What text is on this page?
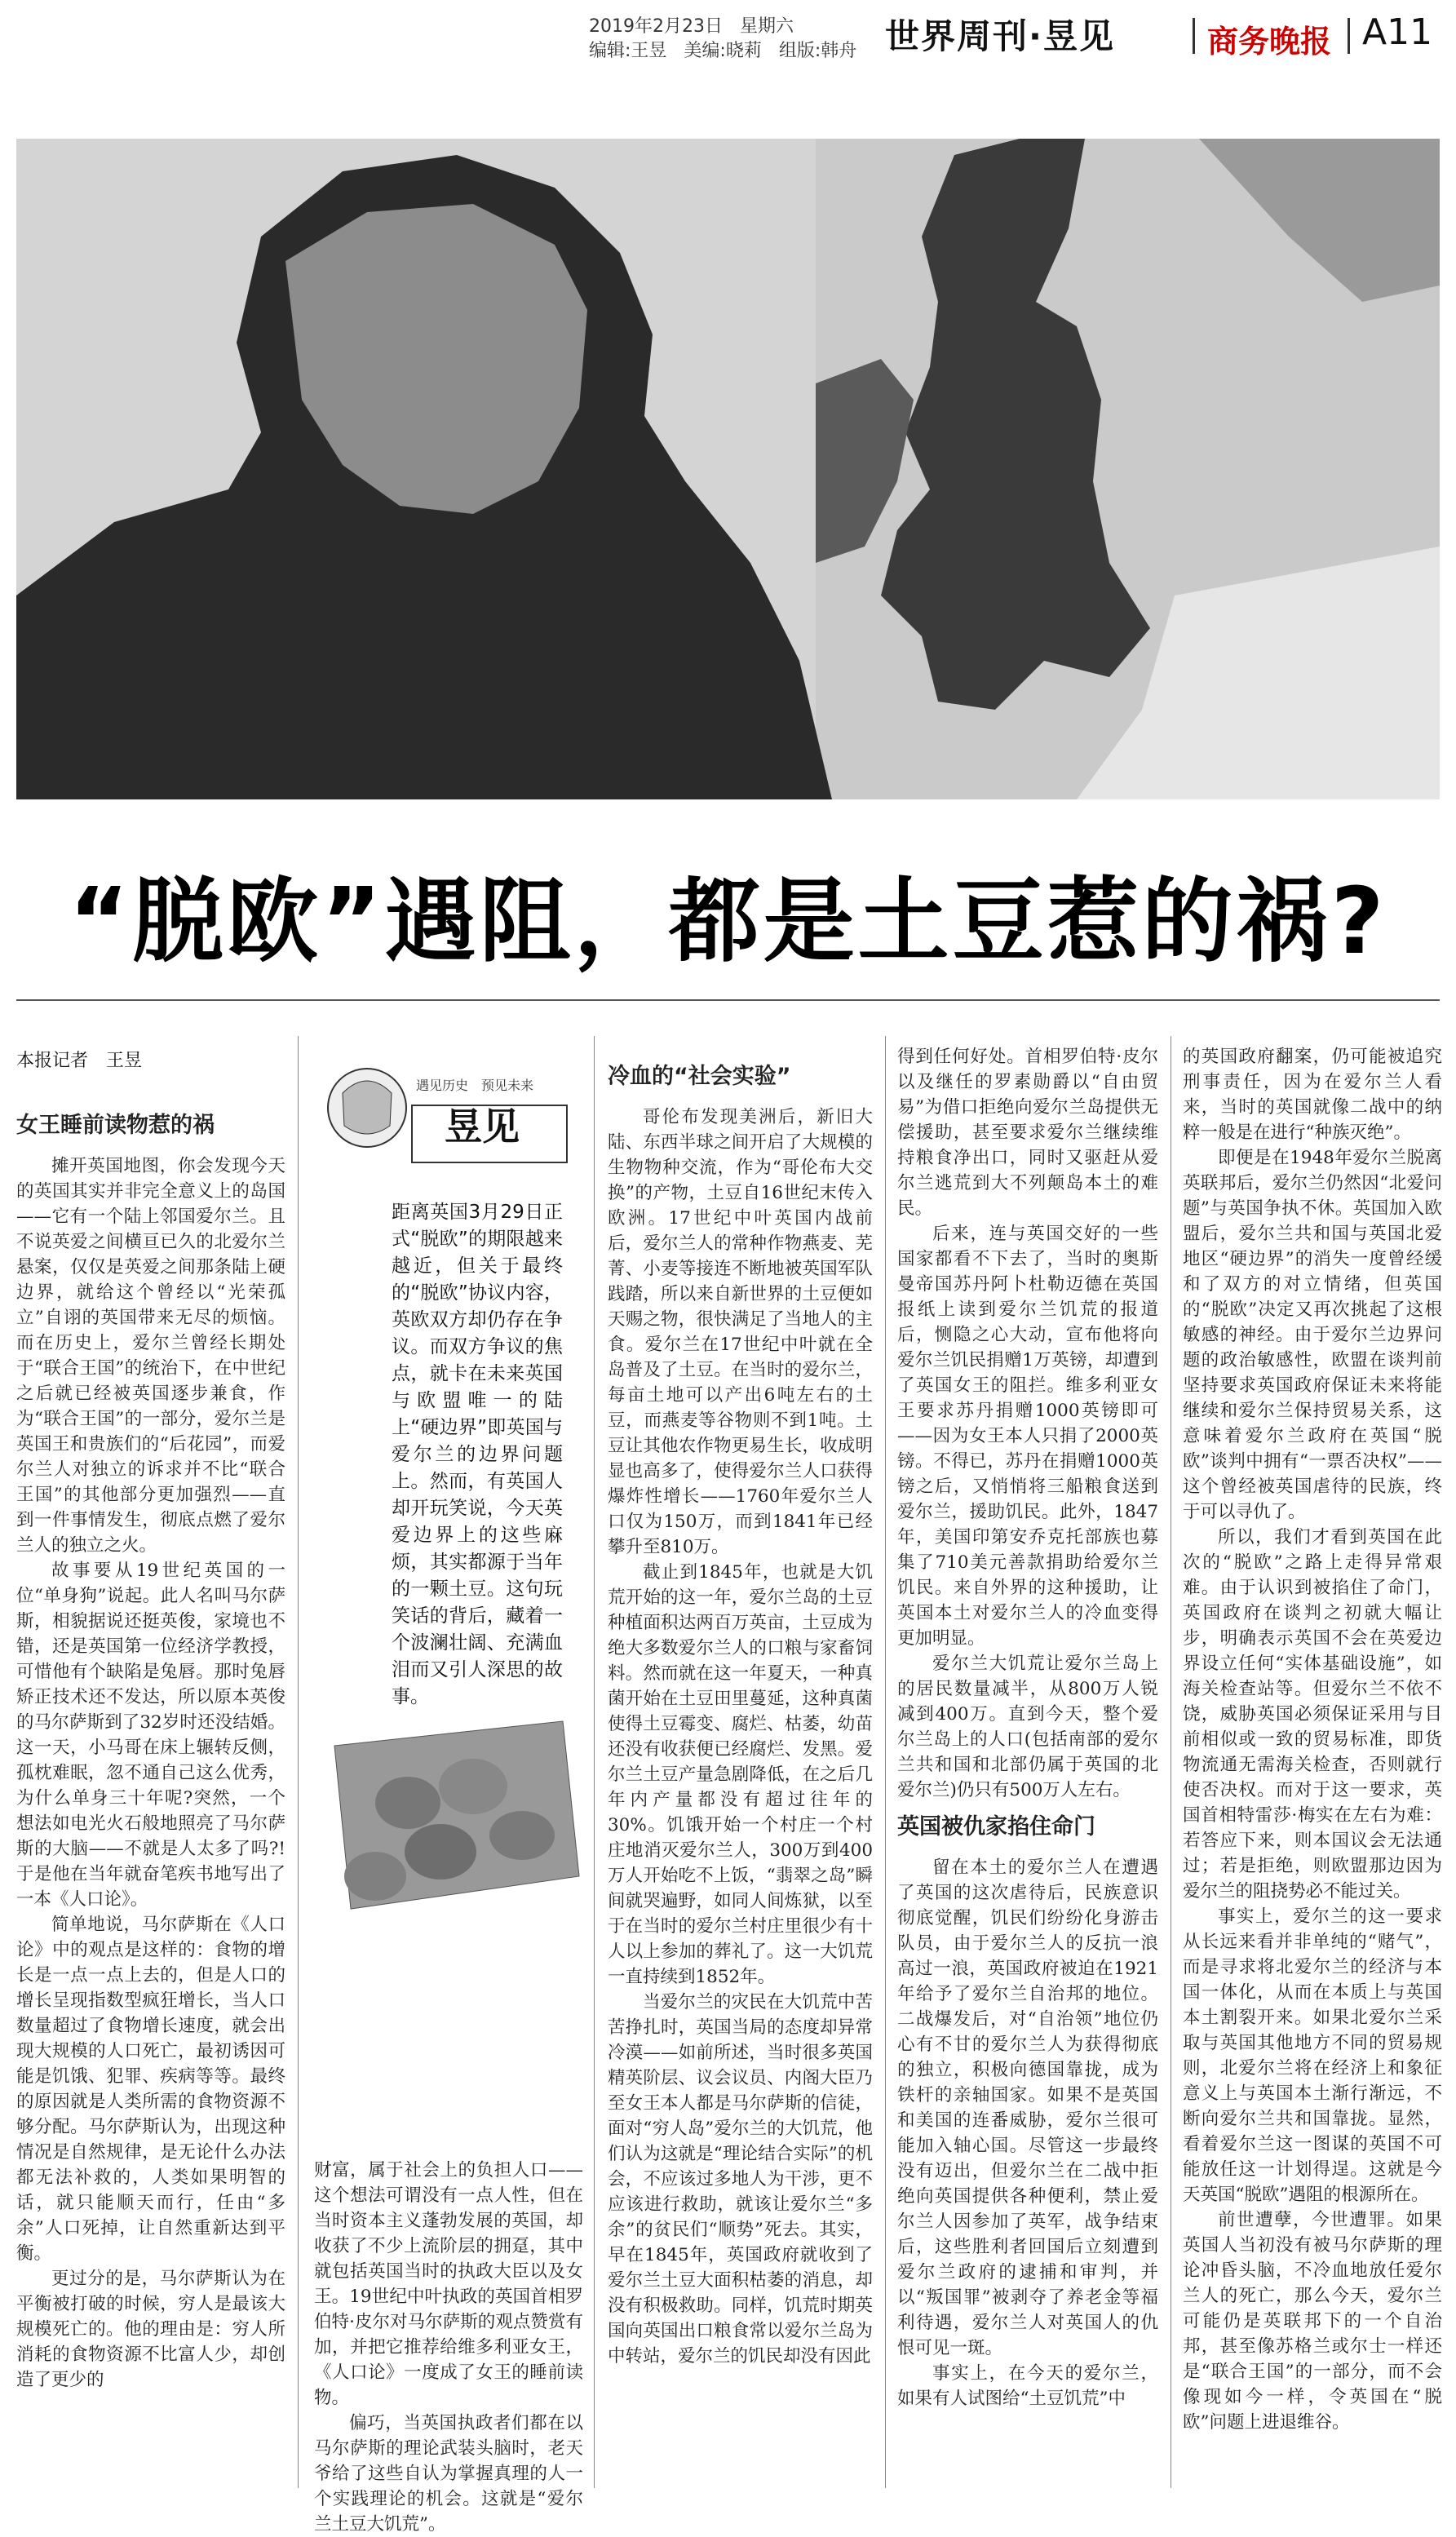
2019年2月23日 星期六
编辑:王昱 美编:晓莉 组版:韩舟 世界周刊·昱见	商务晚报 A11
“脱欧”遇阻，都是土豆惹的祸?
本报记者　王昱
遇见历史　预见未来
昱见
距离英国3月29日正式“脱欧”的期限越来越近，但关于最终的“脱欧”协议内容，英欧双方却仍存在争议。而双方争议的焦点，就卡在未来英国与欧盟唯一的陆上“硬边界”即英国与爱尔兰的边界问题上。然而，有英国人却开玩笑说，今天英爱边界上的这些麻烦，其实都源于当年的一颗土豆。这句玩笑话的背后，藏着一个波澜壮阔、充满血泪而又引人深思的故事。
女王睡前读物惹的祸

摊开英国地图，你会发现今天的英国其实并非完全意义上的岛国——它有一个陆上邻国爱尔兰。且不说英爱之间横亘已久的北爱尔兰悬案，仅仅是英爱之间那条陆上硬边界，就给这个曾经以“光荣孤立”自诩的英国带来无尽的烦恼。而在历史上，爱尔兰曾经长期处于“联合王国”的统治下，在中世纪之后就已经被英国逐步兼食，作为“联合王国”的一部分，爱尔兰是英国王和贵族们的“后花园”，而爱尔兰人对独立的诉求并不比“联合王国”的其他部分更加强烈——直到一件事情发生，彻底点燃了爱尔兰人的独立之火。

故事要从19世纪英国的一位“单身狗”说起。此人名叫马尔萨斯，相貌据说还挺英俊，家境也不错，还是英国第一位经济学教授，可惜他有个缺陷是兔唇。那时兔唇矫正技术还不发达，所以原本英俊的马尔萨斯到了32岁时还没结婚。这一天，小马哥在床上辗转反侧，孤枕难眠，忽不通自己这么优秀，为什么单身三十年呢?突然，一个想法如电光火石般地照亮了马尔萨斯的大脑——不就是人太多了吗?!于是他在当年就奋笔疾书地写出了一本《人口论》。

简单地说，马尔萨斯在《人口论》中的观点是这样的：食物的增长是一点一点上去的，但是人口的增长呈现指数型疯狂增长，当人口数量超过了食物增长速度，就会出现大规模的人口死亡，最初诱因可能是饥饿、犯罪、疾病等等。最终的原因就是人类所需的食物资源不够分配。马尔萨斯认为，出现这种情况是自然规律，是无论什么办法都无法补救的，人类如果明智的话，就只能顺天而行，任由“多余”人口死掉，让自然重新达到平衡。

更过分的是，马尔萨斯认为在平衡被打破的时候，穷人是最该大规模死亡的。他的理由是：穷人所消耗的食物资源不比富人少，却创造了更少的

财富，属于社会上的负担人口——这个想法可谓没有一点人性，但在当时资本主义蓬勃发展的英国，却收获了不少上流阶层的拥趸，其中就包括英国当时的执政大臣以及女王。19世纪中叶执政的英国首相罗伯特·皮尔对马尔萨斯的观点赞赏有加，并把它推荐给维多利亚女王，《人口论》一度成了女王的睡前读物。

偏巧，当英国执政者们都在以马尔萨斯的理论武装头脑时，老天爷给了这些自认为掌握真理的人一个实践理论的机会。这就是“爱尔兰土豆大饥荒”。

冷血的“社会实验”

哥伦布发现美洲后，新旧大陆、东西半球之间开启了大规模的生物物种交流，作为“哥伦布大交换”的产物，土豆自16世纪末传入欧洲。17世纪中叶英国内战前后，爱尔兰人的常种作物燕麦、芜菁、小麦等接连不断地被英国军队践踏，所以来自新世界的土豆便如天赐之物，很快满足了当地人的主食。爱尔兰在17世纪中叶就在全岛普及了土豆。在当时的爱尔兰，每亩土地可以产出6吨左右的土豆，而燕麦等谷物则不到1吨。土豆让其他农作物更易生长，收成明显也高多了，使得爱尔兰人口获得爆炸性增长——1760年爱尔兰人口仅为150万，而到1841年已经攀升至810万。

截止到1845年，也就是大饥荒开始的这一年，爱尔兰岛的土豆种植面积达两百万英亩，土豆成为绝大多数爱尔兰人的口粮与家畜饲料。然而就在这一年夏天，一种真菌开始在土豆田里蔓延，这种真菌使得土豆霉变、腐烂、枯萎，幼苗还没有收获便已经腐烂、发黑。爱尔兰土豆产量急剧降低，在之后几年内产量都没有超过往年的30%。饥饿开始一个村庄一个村庄地消灭爱尔兰人，300万到400万人开始吃不上饭，“翡翠之岛”瞬间就哭遍野，如同人间炼狱，以至于在当时的爱尔兰村庄里很少有十人以上参加的葬礼了。这一大饥荒一直持续到1852年。

当爱尔兰的灾民在大饥荒中苦苦挣扎时，英国当局的态度却异常冷漠——如前所述，当时很多英国精英阶层、议会议员、内阁大臣乃至女王本人都是马尔萨斯的信徒，面对“穷人岛”爱尔兰的大饥荒，他们认为这就是“理论结合实际”的机会，不应该过多地人为干涉，更不应该进行救助，就该让爱尔兰“多余”的贫民们“顺势”死去。其实，早在1845年，英国政府就收到了爱尔兰土豆大面积枯萎的消息，却没有积极救助。同样，饥荒时期英国向英国出口粮食常以爱尔兰岛为中转站，爱尔兰的饥民却没有因此

得到任何好处。首相罗伯特·皮尔以及继任的罗素勋爵以“自由贸易”为借口拒绝向爱尔兰岛提供无偿援助，甚至要求爱尔兰继续维持粮食净出口，同时又驱赶从爱尔兰逃荒到大不列颠岛本土的难民。

后来，连与英国交好的一些国家都看不下去了，当时的奥斯曼帝国苏丹阿卜杜勒迈德在英国报纸上读到爱尔兰饥荒的报道后，恻隐之心大动，宣布他将向爱尔兰饥民捐赠1万英镑，却遭到了英国女王的阻拦。维多利亚女王要求苏丹捐赠1000英镑即可——因为女王本人只捐了2000英镑。不得已，苏丹在捐赠1000英镑之后，又悄悄将三船粮食送到爱尔兰，援助饥民。此外，1847年，美国印第安乔克托部族也募集了710美元善款捐助给爱尔兰饥民。来自外界的这种援助，让英国本土对爱尔兰人的冷血变得更加明显。

爱尔兰大饥荒让爱尔兰岛上的居民数量减半，从800万人锐减到400万。直到今天，整个爱尔兰岛上的人口(包括南部的爱尔兰共和国和北部仍属于英国的北爱尔兰)仍只有500万人左右。

英国被仇家掐住命门

留在本土的爱尔兰人在遭遇了英国的这次虐待后，民族意识彻底觉醒，饥民们纷纷化身游击队员，由于爱尔兰人的反抗一浪高过一浪，英国政府被迫在1921年给予了爱尔兰自治邦的地位。二战爆发后，对“自治领”地位仍心有不甘的爱尔兰人为获得彻底的独立，积极向德国靠拢，成为铁杆的亲轴国家。如果不是英国和美国的连番威胁，爱尔兰很可能加入轴心国。尽管这一步最终没有迈出，但爱尔兰在二战中拒绝向英国提供各种便利，禁止爱尔兰人因参加了英军，战争结束后，这些胜利者回国后立刻遭到爱尔兰政府的逮捕和审判，并以“叛国罪”被剥夺了养老金等福利待遇，爱尔兰人对英国人的仇恨可见一斑。

事实上，在今天的爱尔兰，如果有人试图给“土豆饥荒”中

的英国政府翻案，仍可能被追究刑事责任，因为在爱尔兰人看来，当时的英国就像二战中的纳粹一般是在进行“种族灭绝”。

即便是在1948年爱尔兰脱离英联邦后，爱尔兰仍然因“北爱问题”与英国争执不休。英国加入欧盟后，爱尔兰共和国与英国北爱地区“硬边界”的消失一度曾经缓和了双方的对立情绪，但英国的“脱欧”决定又再次挑起了这根敏感的神经。由于爱尔兰边界问题的政治敏感性，欧盟在谈判前坚持要求英国政府保证未来将能继续和爱尔兰保持贸易关系，这意味着爱尔兰政府在英国“脱欧”谈判中拥有“一票否决权”——这个曾经被英国虐待的民族，终于可以寻仇了。

所以，我们才看到英国在此次的“脱欧”之路上走得异常艰难。由于认识到被掐住了命门，英国政府在谈判之初就大幅让步，明确表示英国不会在英爱边界设立任何“实体基础设施”，如海关检查站等。但爱尔兰不依不饶，威胁英国必须保证采用与目前相似或一致的贸易标准，即货物流通无需海关检查，否则就行使否决权。而对于这一要求，英国首相特雷莎·梅实在左右为难：若答应下来，则本国议会无法通过；若是拒绝，则欧盟那边因为爱尔兰的阻挠势必不能过关。

事实上，爱尔兰的这一要求从长远来看并非单纯的“赌气”，而是寻求将北爱尔兰的经济与本国一体化，从而在本质上与英国本土割裂开来。如果北爱尔兰采取与英国其他地方不同的贸易规则，北爱尔兰将在经济上和象征意义上与英国本土渐行渐远，不断向爱尔兰共和国靠拢。显然，看着爱尔兰这一图谋的英国不可能放任这一计划得逞。这就是今天英国“脱欧”遇阻的根源所在。

前世遭孽，今世遭罪。如果英国人当初没有被马尔萨斯的理论冲昏头脑，不冷血地放任爱尔兰人的死亡，那么今天，爱尔兰可能仍是英联邦下的一个自治邦，甚至像苏格兰或尔士一样还是“联合王国”的一部分，而不会像现如今一样，令英国在“脱欧”问题上进退维谷。
